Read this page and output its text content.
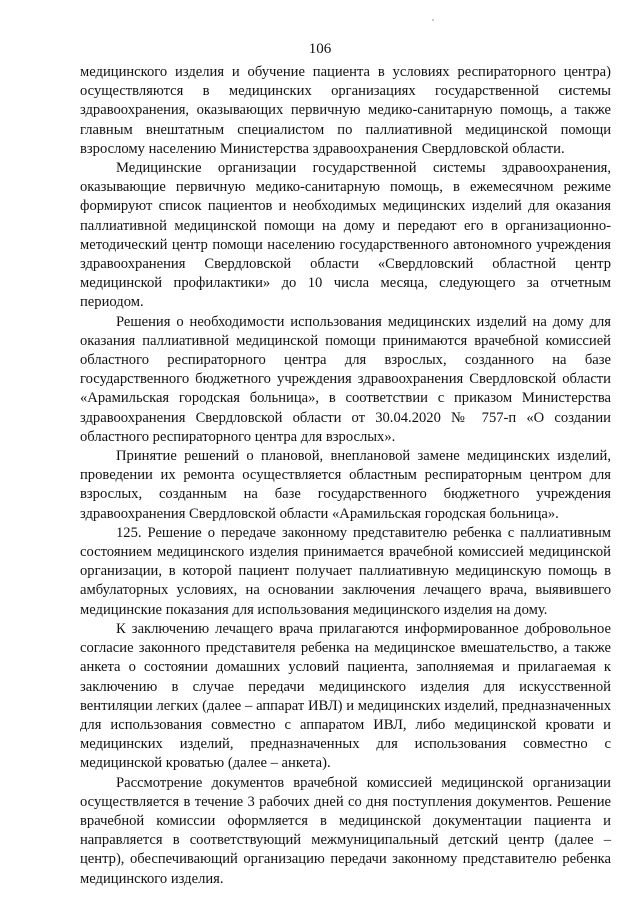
106

медицинского изделия и обучение пациента в условиях респираторного центра) осуществляются в медицинских организациях государственной системы здравоохранения, оказывающих первичную медико-санитарную помощь, а также главным внештатным специалистом по паллиативной медицинской помощи взрослому населению Министерства здравоохранения Свердловской области.

Медицинские организации государственной системы здравоохранения, оказывающие первичную медико-санитарную помощь, в ежемесячном режиме формируют список пациентов и необходимых медицинских изделий для оказания паллиативной медицинской помощи на дому и передают его в организационно-методический центр помощи населению государственного автономного учреждения здравоохранения Свердловской области «Свердловский областной центр медицинской профилактики» до 10 числа месяца, следующего за отчетным периодом.

Решения о необходимости использования медицинских изделий на дому для оказания паллиативной медицинской помощи принимаются врачебной комиссией областного респираторного центра для взрослых, созданного на базе государственного бюджетного учреждения здравоохранения Свердловской области «Арамильская городская больница», в соответствии с приказом Министерства здравоохранения Свердловской области от 30.04.2020 № 757-п «О создании областного респираторного центра для взрослых».

Принятие решений о плановой, внеплановой замене медицинских изделий, проведении их ремонта осуществляется областным респираторным центром для взрослых, созданным на базе государственного бюджетного учреждения здравоохранения Свердловской области «Арамильская городская больница».

125. Решение о передаче законному представителю ребенка с паллиативным состоянием медицинского изделия принимается врачебной комиссией медицинской организации, в которой пациент получает паллиативную медицинскую помощь в амбулаторных условиях, на основании заключения лечащего врача, выявившего медицинские показания для использования медицинского изделия на дому.

К заключению лечащего врача прилагаются информированное добровольное согласие законного представителя ребенка на медицинское вмешательство, а также анкета о состоянии домашних условий пациента, заполняемая и прилагаемая к заключению в случае передачи медицинского изделия для искусственной вентиляции легких (далее – аппарат ИВЛ) и медицинских изделий, предназначенных для использования совместно с аппаратом ИВЛ, либо медицинской кровати и медицинских изделий, предназначенных для использования совместно с медицинской кроватью (далее – анкета).

Рассмотрение документов врачебной комиссией медицинской организации осуществляется в течение 3 рабочих дней со дня поступления документов. Решение врачебной комиссии оформляется в медицинской документации пациента и направляется в соответствующий межмуниципальный детский центр (далее – центр), обеспечивающий организацию передачи законному представителю ребенка медицинского изделия.
